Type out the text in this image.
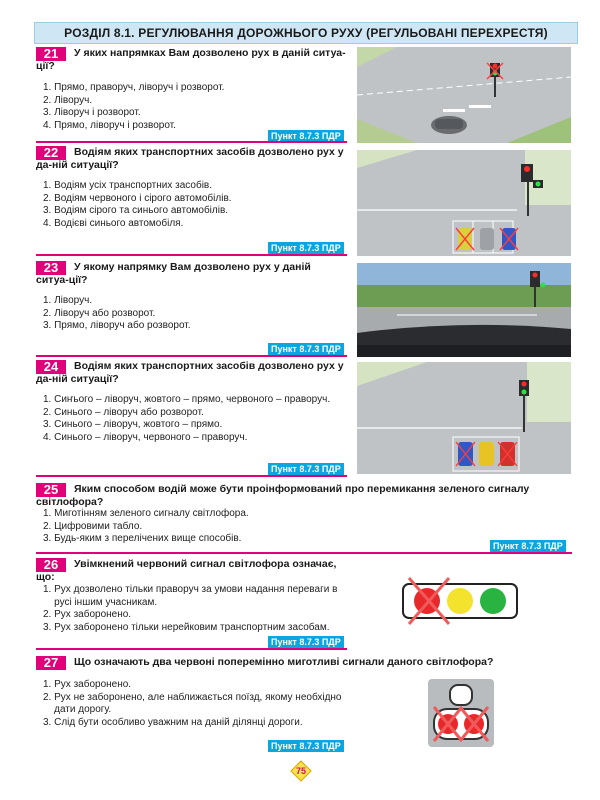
РОЗДІЛ 8.1. РЕГУЛЮВАННЯ ДОРОЖНЬОГО РУХУ (РЕГУЛЬОВАНІ ПЕРЕХРЕСТЯ)
21	У яких напрямках Вам дозволено рух в даній ситуа-ції?
1. Прямо, праворуч, ліворуч і розворот.
2. Ліворуч.
3. Ліворуч і розворот.
4. Прямо, ліворуч і розворот.
Пункт 8.7.3 ПДР
22	Водіям яких транспортних засобів дозволено рух у да-ній ситуації?
1. Водіям усіх транспортних засобів.
2. Водіям червоного і сірого автомобілів.
3. Водіям сірого та синього автомобілів.
4. Водієві синього автомобіля.
Пункт 8.7.3 ПДР
23	У якому напрямку Вам дозволено рух у даній ситуа-ції?
1. Ліворуч.
2. Ліворуч або розворот.
3. Прямо, ліворуч або розворот.
Пункт 8.7.3 ПДР
24	Водіям яких транспортних засобів дозволено рух у да-ній ситуації?
1. Сиҥього – ліворуч, жовтого – прямо, червоного – праворуч.
2. Синього – ліворуч або розворот.
3. Синього – ліворуч, жовтого – прямо.
4. Синього – ліворуч, червоного – праворуч.
Пункт 8.7.3 ПДР
25	Яким способом водій може бути проінформований про перемикання зеленого сигналу світлофора?
1. Миготінням зеленого сигналу світлофора.
2. Цифровими табло.
3. Будь-яким з перелічених вище способів.
Пункт 8.7.3 ПДР
26	Увімкнений червоний сигнал світлофора означає, що:
1. Рух дозволено тільки праворуч за умови надання переваги в
русі іншим учасникам.
2. Рух заборонено.
3. Рух заборонено тільки нерейковим транспортним засобам.
Пункт 8.7.3 ПДР
27	Що означають два червоні поперемінно миготливі сигнали даного світлофора?
1. Рух заборонено.
2. Рух не заборонено, але наближається поїзд, якому необхідно
дати дорогу.
3. Слід бути особливо уважним на даній ділянці дороги.
Пункт 8.7.3 ПДР
75
